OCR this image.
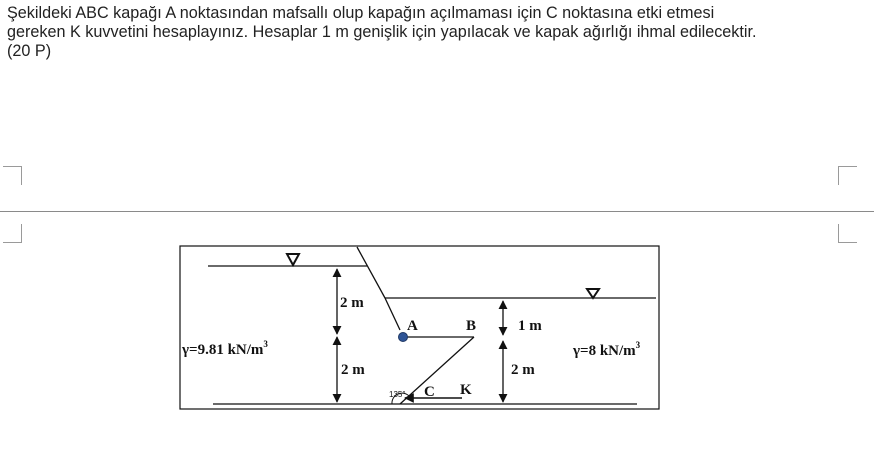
Şekildeki ABC kapağı A noktasından mafsallı olup kapağın açılmaması için C noktasına etki etmesi
gereken K kuvvetini hesaplayınız. Hesaplar 1 m genişlik için yapılacak ve kapak ağırlığı ihmal edilecektir.
(20 P)
2 m
2 m
1 m
2 m
γ=9.81 $kN/m^3$	γ=8 $kN/m^3$
A	B
C K
135°
